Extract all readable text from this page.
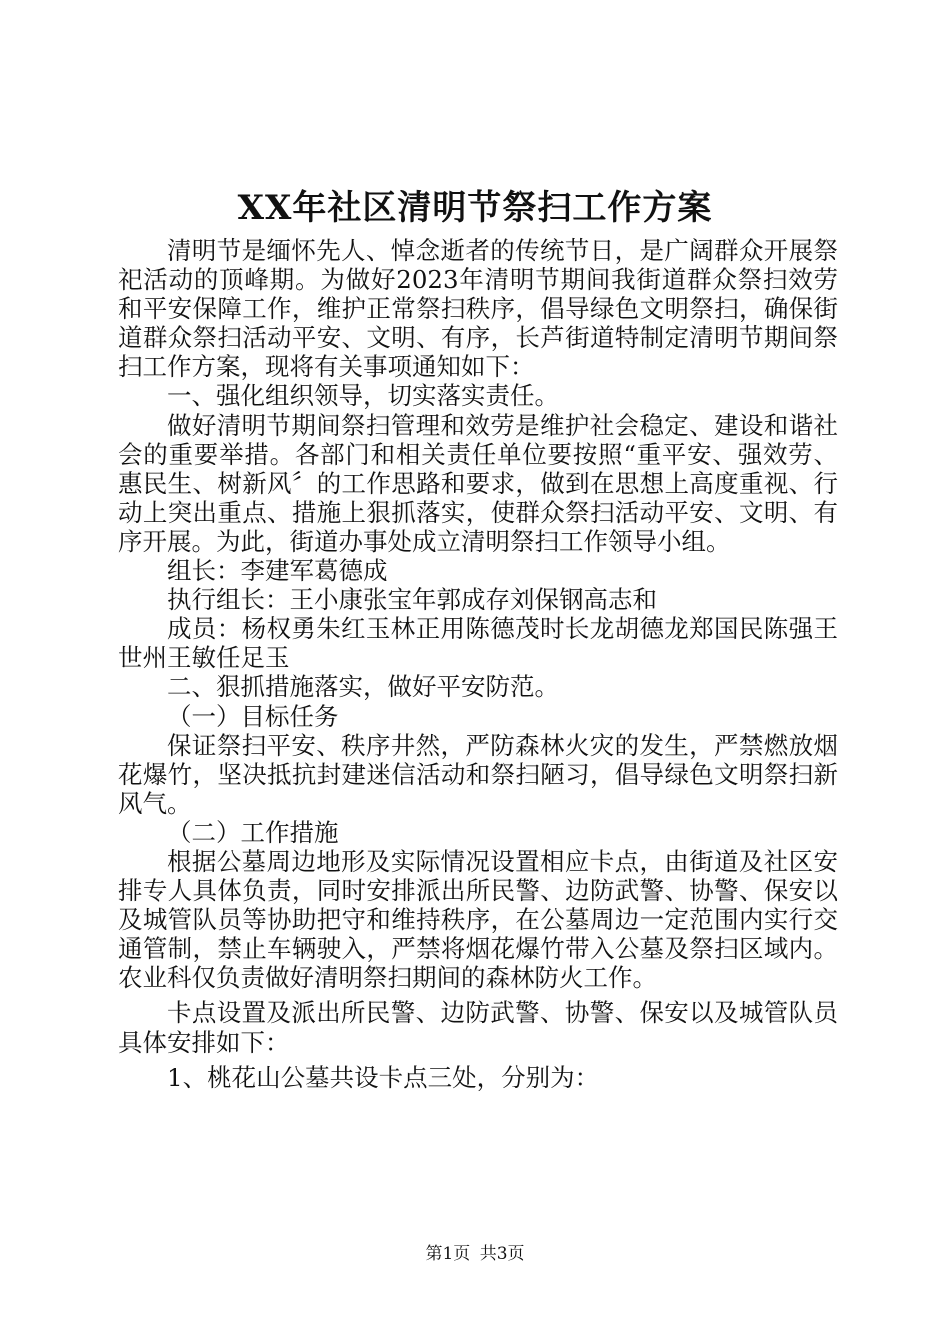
XX年社区清明节祭扫工作方案

清明节是缅怀先人、悼念逝者的传统节日，是广阔群众开展祭祀活动的顶峰期。为做好2023年清明节期间我街道群众祭扫效劳和平安保障工作，维护正常祭扫秩序，倡导绿色文明祭扫，确保街道群众祭扫活动平安、文明、有序，长芦街道特制定清明节期间祭扫工作方案，现将有关事项通知如下：

一、强化组织领导，切实落实责任。

做好清明节期间祭扫管理和效劳是维护社会稳定、建设和谐社会的重要举措。各部门和相关责任单位要按照“重平安、强效劳、惠民生、树新风〞的工作思路和要求，做到在思想上高度重视、行动上突出重点、措施上狠抓落实，使群众祭扫活动平安、文明、有序开展。为此，街道办事处成立清明祭扫工作领导小组。

组长：李建军葛德成

执行组长：王小康张宝年郭成存刘保钢高志和

成员：杨权勇朱红玉林正用陈德茂时长龙胡德龙郑国民陈强王世州王敏任足玉

二、狠抓措施落实，做好平安防范。

（一）目标任务

保证祭扫平安、秩序井然，严防森林火灾的发生，严禁燃放烟花爆竹，坚决抵抗封建迷信活动和祭扫陋习，倡导绿色文明祭扫新风气。

（二）工作措施

根据公墓周边地形及实际情况设置相应卡点，由街道及社区安排专人具体负责，同时安排派出所民警、边防武警、协警、保安以及城管队员等协助把守和维持秩序，在公墓周边一定范围内实行交通管制，禁止车辆驶入，严禁将烟花爆竹带入公墓及祭扫区域内。农业科仅负责做好清明祭扫期间的森林防火工作。

卡点设置及派出所民警、边防武警、协警、保安以及城管队员具体安排如下：

1、桃花山公墓共设卡点三处，分别为：

第1页 共3页
